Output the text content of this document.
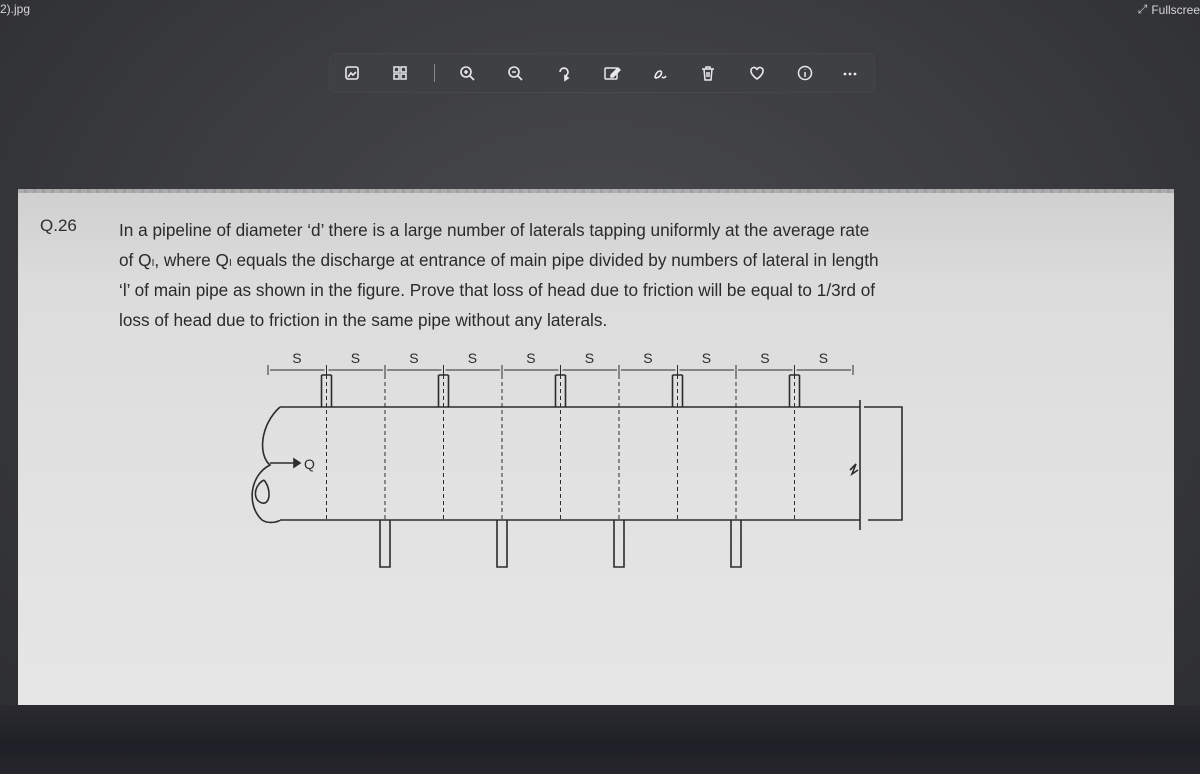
2).jpg	⤢ Fullscree
Q.26 In a pipeline of diameter ‘d’ there is a large number of laterals tapping uniformly at the average rate

of Qₗ, where Qₗ equals the discharge at entrance of main pipe divided by numbers of lateral in length

‘l’ of main pipe as shown in the figure. Prove that loss of head due to friction will be equal to 1/3rd of

loss of head due to friction in the same pipe without any laterals.

Q
S	S	S	S	S	S	S	S	S	S
